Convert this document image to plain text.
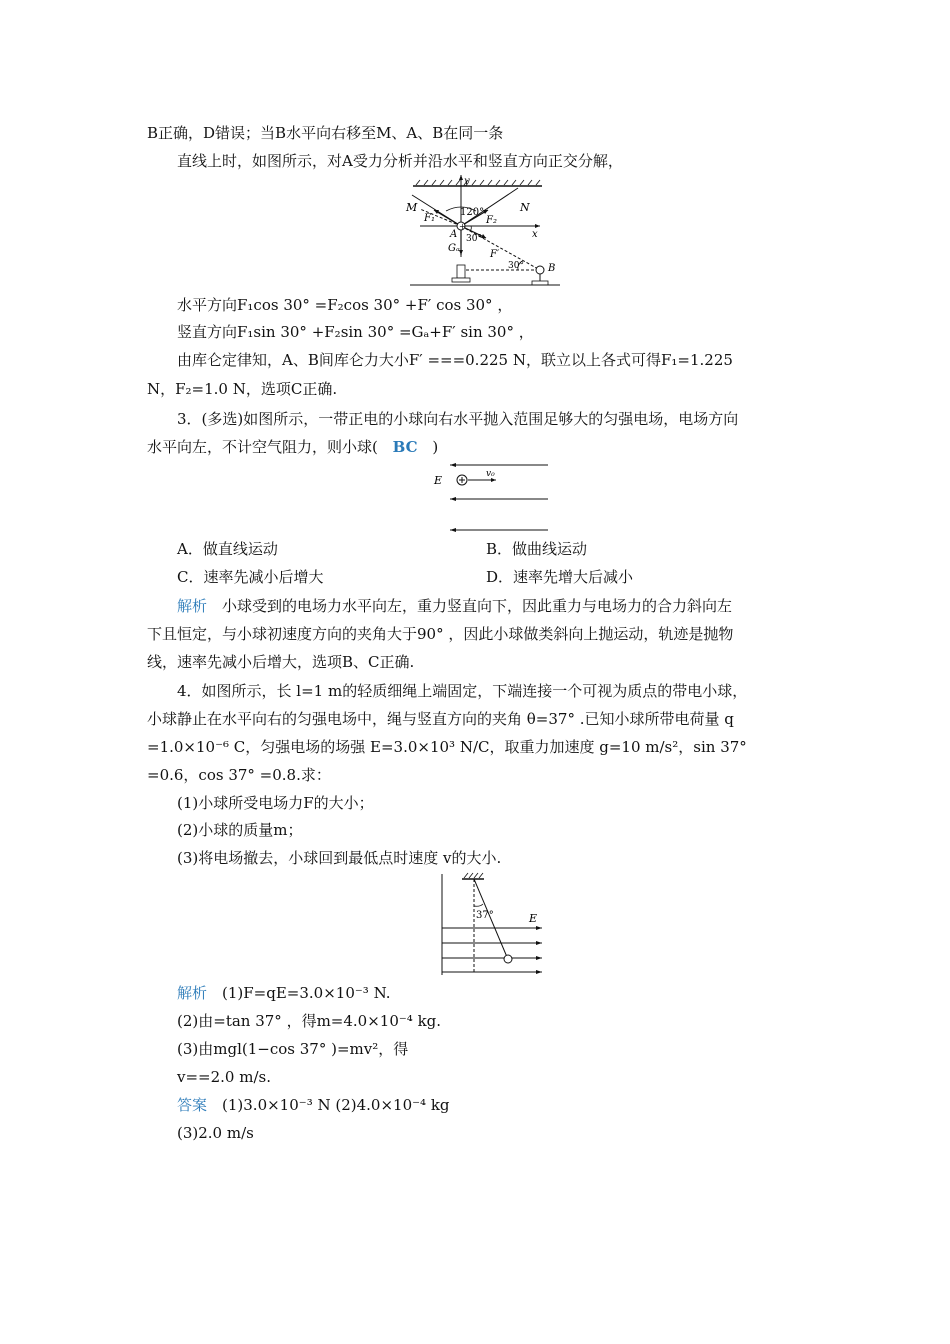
B正确，D错误；当B水平向右移至M、A、B在同一条
直线上时，如图所示，对A受力分析并沿水平和竖直方向正交分解，
+
y
x
M	N
A
B
F₁	F₂
F′
Gₐ
120°
30°
30°
水平方向F₁cos 30° =F₂cos 30° +F′ cos 30° ，
竖直方向F₁sin 30° +F₂sin 30° =Gₐ+F′ sin 30° ，
由库仑定律知，A、B间库仑力大小F′ ===0.225 N，联立以上各式可得F₁=1.225
N，F₂=1.0 N，选项C正确.
3．(多选)如图所示，一带正电的小球向右水平抛入范围足够大的匀强电场，电场方向
水平向左，不计空气阻力，则小球( BC )
E	v₀
A．做直线运动	B．做曲线运动
C．速率先减小后增大	D．速率先增大后减小
解析　小球受到的电场力水平向左，重力竖直向下，因此重力与电场力的合力斜向左
下且恒定，与小球初速度方向的夹角大于90° ，因此小球做类斜向上抛运动，轨迹是抛物
线，速率先减小后增大，选项B、C正确.
4．如图所示，长 l=1 m的轻质细绳上端固定，下端连接一个可视为质点的带电小球，
小球静止在水平向右的匀强电场中，绳与竖直方向的夹角 θ=37° .已知小球所带电荷量 q
=1.0×10⁻⁶ C，匀强电场的场强 E=3.0×10³ N/C，取重力加速度 g=10 m/s²，sin 37°
=0.6，cos 37° =0.8.求：
(1)小球所受电场力F的大小；
(2)小球的质量m；
(3)将电场撤去，小球回到最低点时速度 v的大小.
37°	E
解析　(1)F=qE=3.0×10⁻³ N.
(2)由=tan 37° ，得m=4.0×10⁻⁴ kg.
(3)由mgl(1−cos 37° )=mv²，得
v==2.0 m/s.
答案　(1)3.0×10⁻³ N (2)4.0×10⁻⁴ kg
(3)2.0 m/s
